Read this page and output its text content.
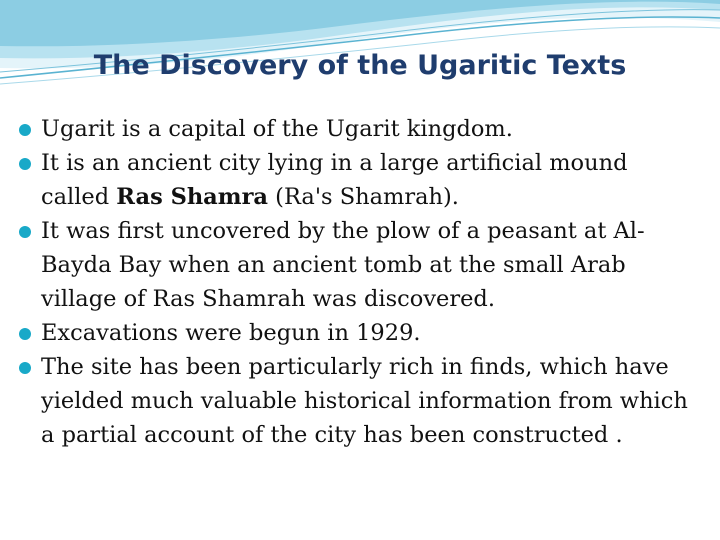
The Discovery of the Ugaritic Texts
Ugarit is a capital of the Ugarit kingdom.
It is an ancient city lying in a large artificial mound called Ras Shamra (Ra's Shamrah).
It was first uncovered by the plow of a peasant at Al-Bayda Bay when an ancient tomb at the small Arab village of Ras Shamrah was discovered.
Excavations were begun in 1929.
The site has been particularly rich in finds, which have yielded much valuable historical information from which a partial account of the city has been constructed .
